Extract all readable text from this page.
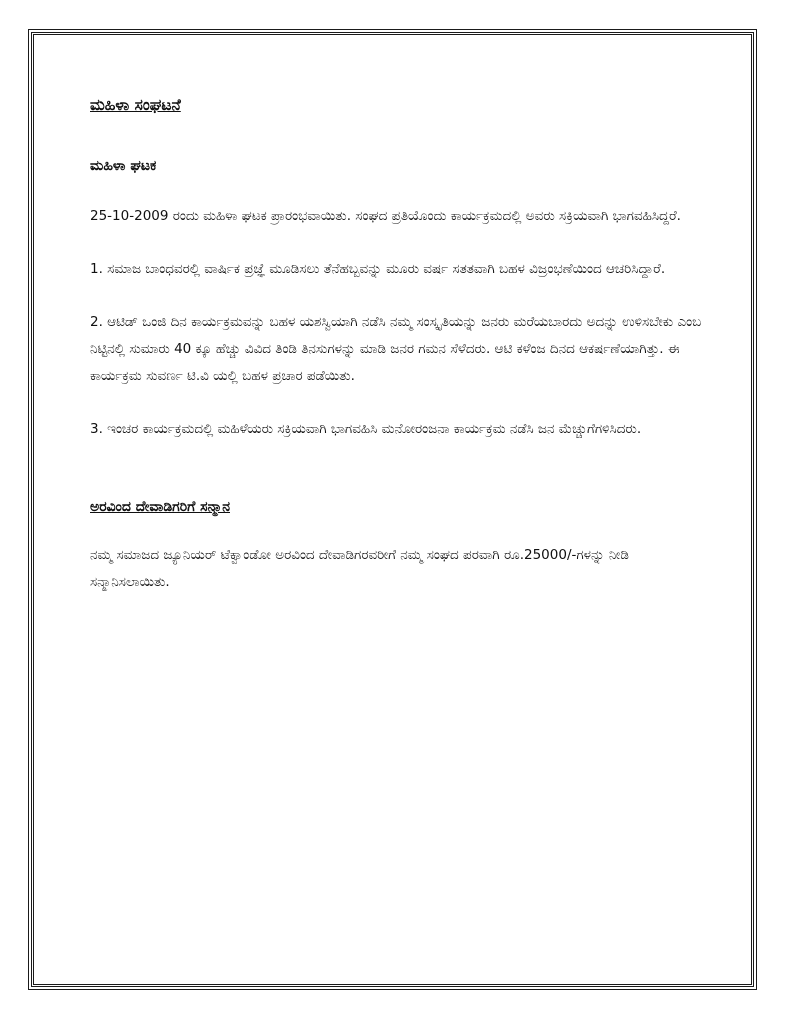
ಮಹಿಳಾ ಸಂಘಟನೆ
ಮಹಿಳಾ ಘಟಕ

25-10-2009 ರಂದು ಮಹಿಳಾ ಘಟಕ ಪ್ರಾರಂಭವಾಯಿತು. ಸಂಘದ ಪ್ರತಿಯೊಂದು ಕಾರ್ಯಕ್ರಮದಲ್ಲಿ ಅವರು ಸಕ್ರಿಯವಾಗಿ ಭಾಗವಹಿಸಿದ್ದರೆ.

1. ಸಮಾಜ ಬಾಂಧವರಲ್ಲಿ ವಾರ್ಷಿಕ ಪ್ರಜ್ಞೆ ಮೂಡಿಸಲು ತೆನೆಹಬ್ಬವನ್ನು ಮೂರು ವರ್ಷ ಸತತವಾಗಿ ಬಹಳ ವಿಜ್ರಂಭಣೆಯಿಂದ ಆಚರಿಸಿದ್ದಾರೆ.

2. ಆಟಿಡ್ ಒಂಜಿ ದಿನ ಕಾರ್ಯಕ್ರಮವನ್ನು ಬಹಳ ಯಶಸ್ವಿಯಾಗಿ ನಡೆಸಿ ನಮ್ಮ ಸಂಸ್ಕೃತಿಯನ್ನು ಜನರು ಮರೆಯಬಾರದು ಅದನ್ನು ಉಳಿಸಬೇಕು ಎಂಬ ನಿಟ್ಟಿನಲ್ಲಿ ಸುಮಾರು 40 ಕ್ಕೂ ಹೆಚ್ಚು ವಿವಿದ ತಿಂಡಿ ತಿನಸುಗಳನ್ನು ಮಾಡಿ ಜನರ ಗಮನ ಸೆಳೆದರು. ಆಟಿ ಕಳೆಂಜ ದಿನದ ಆಕರ್ಷಣೆಯಾಗಿತ್ತು. ಈ ಕಾರ್ಯಕ್ರಮ ಸುವರ್ಣ ಟಿ.ವಿ ಯಲ್ಲಿ ಬಹಳ ಪ್ರಚಾರ ಪಡೆಯಿತು.

3. ಇಂಚರ ಕಾರ್ಯಕ್ರಮದಲ್ಲಿ ಮಹಿಳೆಯರು ಸಕ್ರಿಯವಾಗಿ ಭಾಗವಹಿಸಿ ಮನೋರಂಜನಾ ಕಾರ್ಯಕ್ರಮ ನಡೆಸಿ ಜನ ಮೆಚ್ಚುಗೆಗಳಿಸಿದರು.

ಅರವಿಂದ ದೇವಾಡಿಗರಿಗೆ ಸನ್ಮಾನ

ನಮ್ಮ ಸಮಾಜದ ಜ್ಯೂನಿಯರ್ ಟೆಕ್ವಾಂಡೋ ಅರವಿಂದ ದೇವಾಡಿಗರವರೀಗೆ ನಮ್ಮ ಸಂಘದ ಪರವಾಗಿ ರೂ.25000/-ಗಳನ್ನು ನೀಡಿ ಸನ್ಮಾನಿಸಲಾಯಿತು.
